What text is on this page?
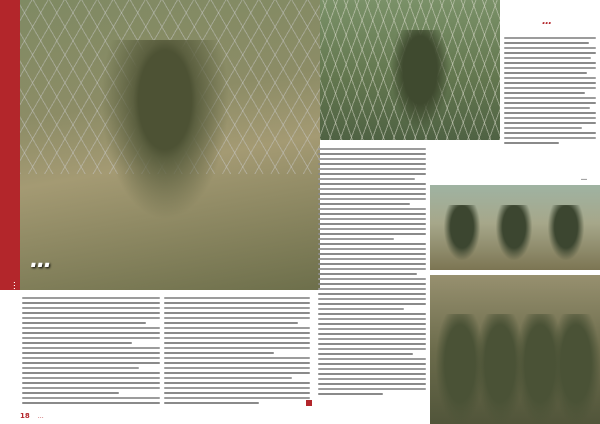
…
…
…
…
18 …
